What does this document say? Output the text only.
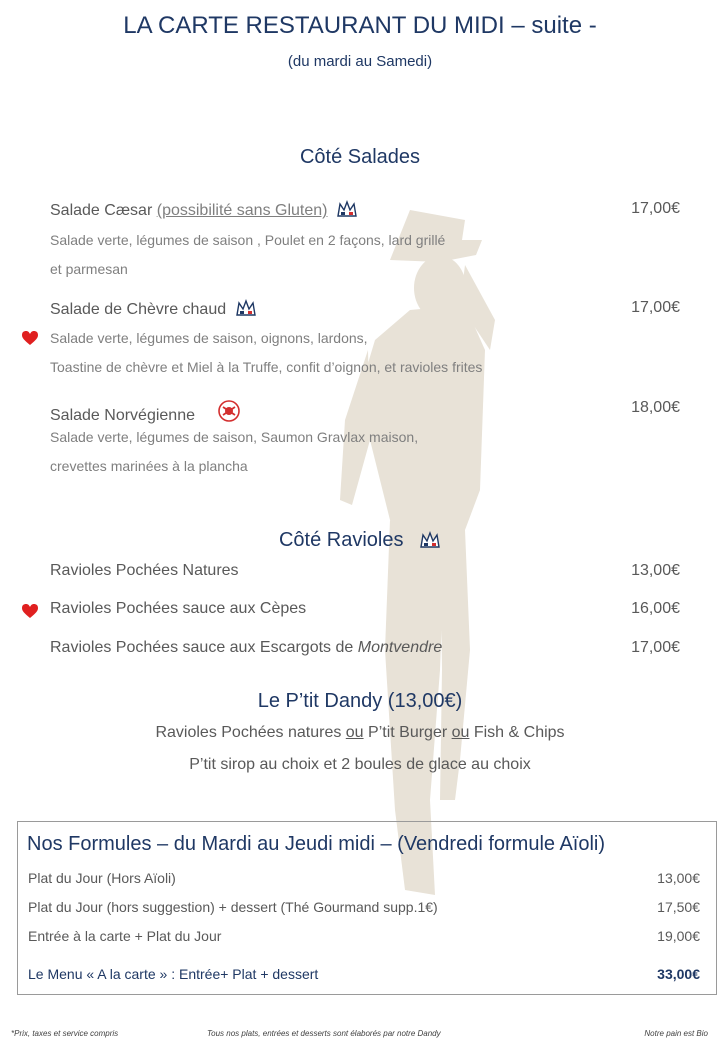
LA CARTE RESTAURANT DU MIDI – suite -
(du mardi au Samedi)
Côté Salades
Salade Cæsar (possibilité sans Gluten)	17,00€
Salade verte, légumes de saison , Poulet en 2 façons, lard grillé
et parmesan
Salade de Chèvre chaud	17,00€
Salade verte, légumes de saison, oignons, lardons,
Toastine de chèvre et Miel à la Truffe, confit d’oignon, et ravioles frites
Salade Norvégienne	18,00€
Salade verte, légumes de saison, Saumon Gravlax maison,
crevettes marinées à la plancha
Côté Ravioles
Ravioles Pochées Natures	13,00€
Ravioles Pochées sauce aux Cèpes	16,00€
Ravioles Pochées sauce aux Escargots de Montvendre	17,00€
Le P’tit Dandy (13,00€)
Ravioles Pochées natures ou P’tit Burger ou Fish & Chips
P’tit sirop au choix et 2 boules de glace au choix
Nos Formules – du Mardi au Jeudi midi – (Vendredi formule Aïoli)
Plat du Jour (Hors Aïoli)	13,00€
Plat du Jour (hors suggestion) + dessert (Thé Gourmand supp.1€)	17,50€
Entrée à la carte + Plat du Jour	19,00€
Le Menu « A la carte » : Entrée+ Plat + dessert	33,00€
*Prix, taxes et service compris	Tous nos plats, entrées et desserts sont élaborés par notre Dandy	Notre pain est Bio
